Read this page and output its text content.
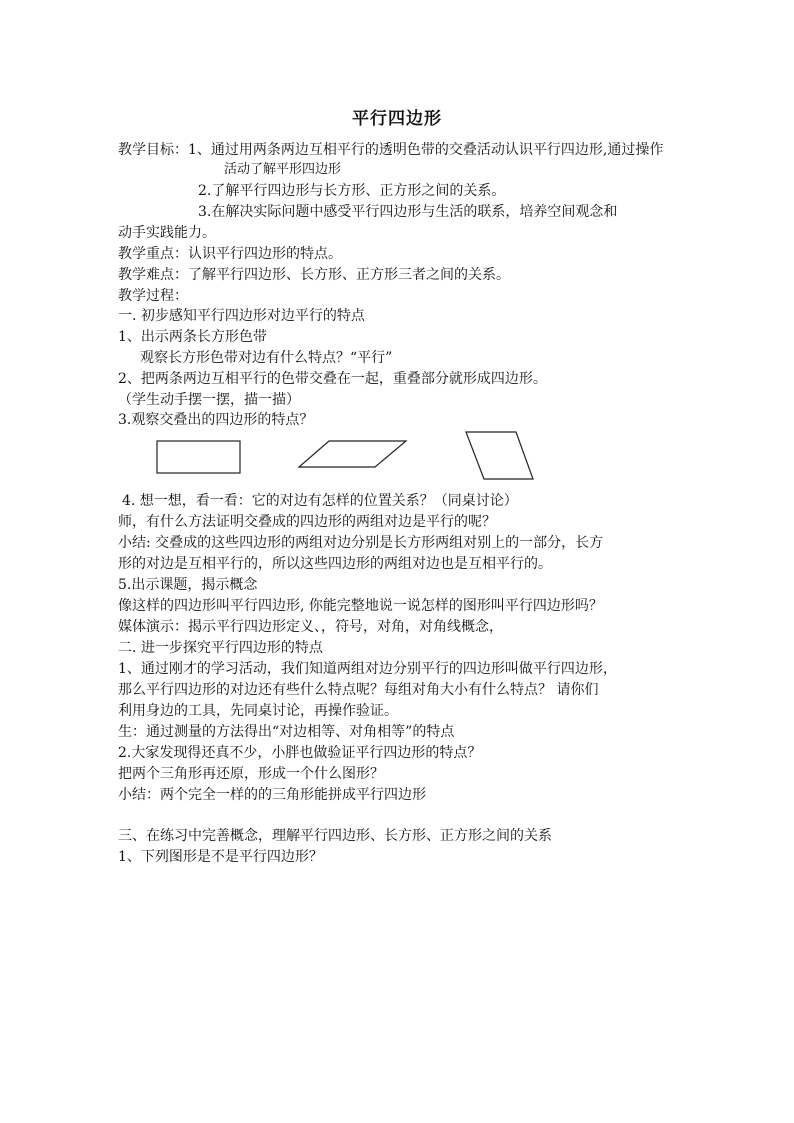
平行四边形
教学目标：1、通过用两条两边互相平行的透明色带的交叠活动认识平行四边形,通过操作
活动了解平形四边形
2.了解平行四边形与长方形、正方形之间的关系。
3.在解决实际问题中感受平行四边形与生活的联系，培养空间观念和
动手实践能力。
教学重点：认识平行四边形的特点。
教学难点：了解平行四边形、长方形、正方形三者之间的关系。
教学过程：
一. 初步感知平行四边形对边平行的特点
1、出示两条长方形色带
观察长方形色带对边有什么特点？“平行”
2、把两条两边互相平行的色带交叠在一起，重叠部分就形成四边形。
（学生动手摆一摆，描一描）
3.观察交叠出的四边形的特点？
4. 想一想，看一看：它的对边有怎样的位置关系？（同桌讨论）
师，有什么方法证明交叠成的四边形的两组对边是平行的呢？
小结: 交叠成的这些四边形的两组对边分别是长方形两组对别上的一部分，长方
形的对边是互相平行的，所以这些四边形的两组对边也是互相平行的。
5.出示课题，揭示概念
像这样的四边形叫平行四边形, 你能完整地说一说怎样的图形叫平行四边形吗？
媒体演示：揭示平行四边形定义、，符号，对角，对角线概念，
二. 进一步探究平行四边形的特点
1、通过刚才的学习活动，我们知道两组对边分别平行的四边形叫做平行四边形，
那么平行四边形的对边还有些什么特点呢？每组对角大小有什么特点？ 请你们
利用身边的工具，先同桌讨论，再操作验证。
生：通过测量的方法得出“对边相等、对角相等”的特点
2.大家发现得还真不少，小胖也做验证平行四边形的特点？
把两个三角形再还原，形成一个什么图形？
小结：两个完全一样的的三角形能拼成平行四边形
三、在练习中完善概念，理解平行四边形、长方形、正方形之间的关系
1、下列图形是不是平行四边形？
